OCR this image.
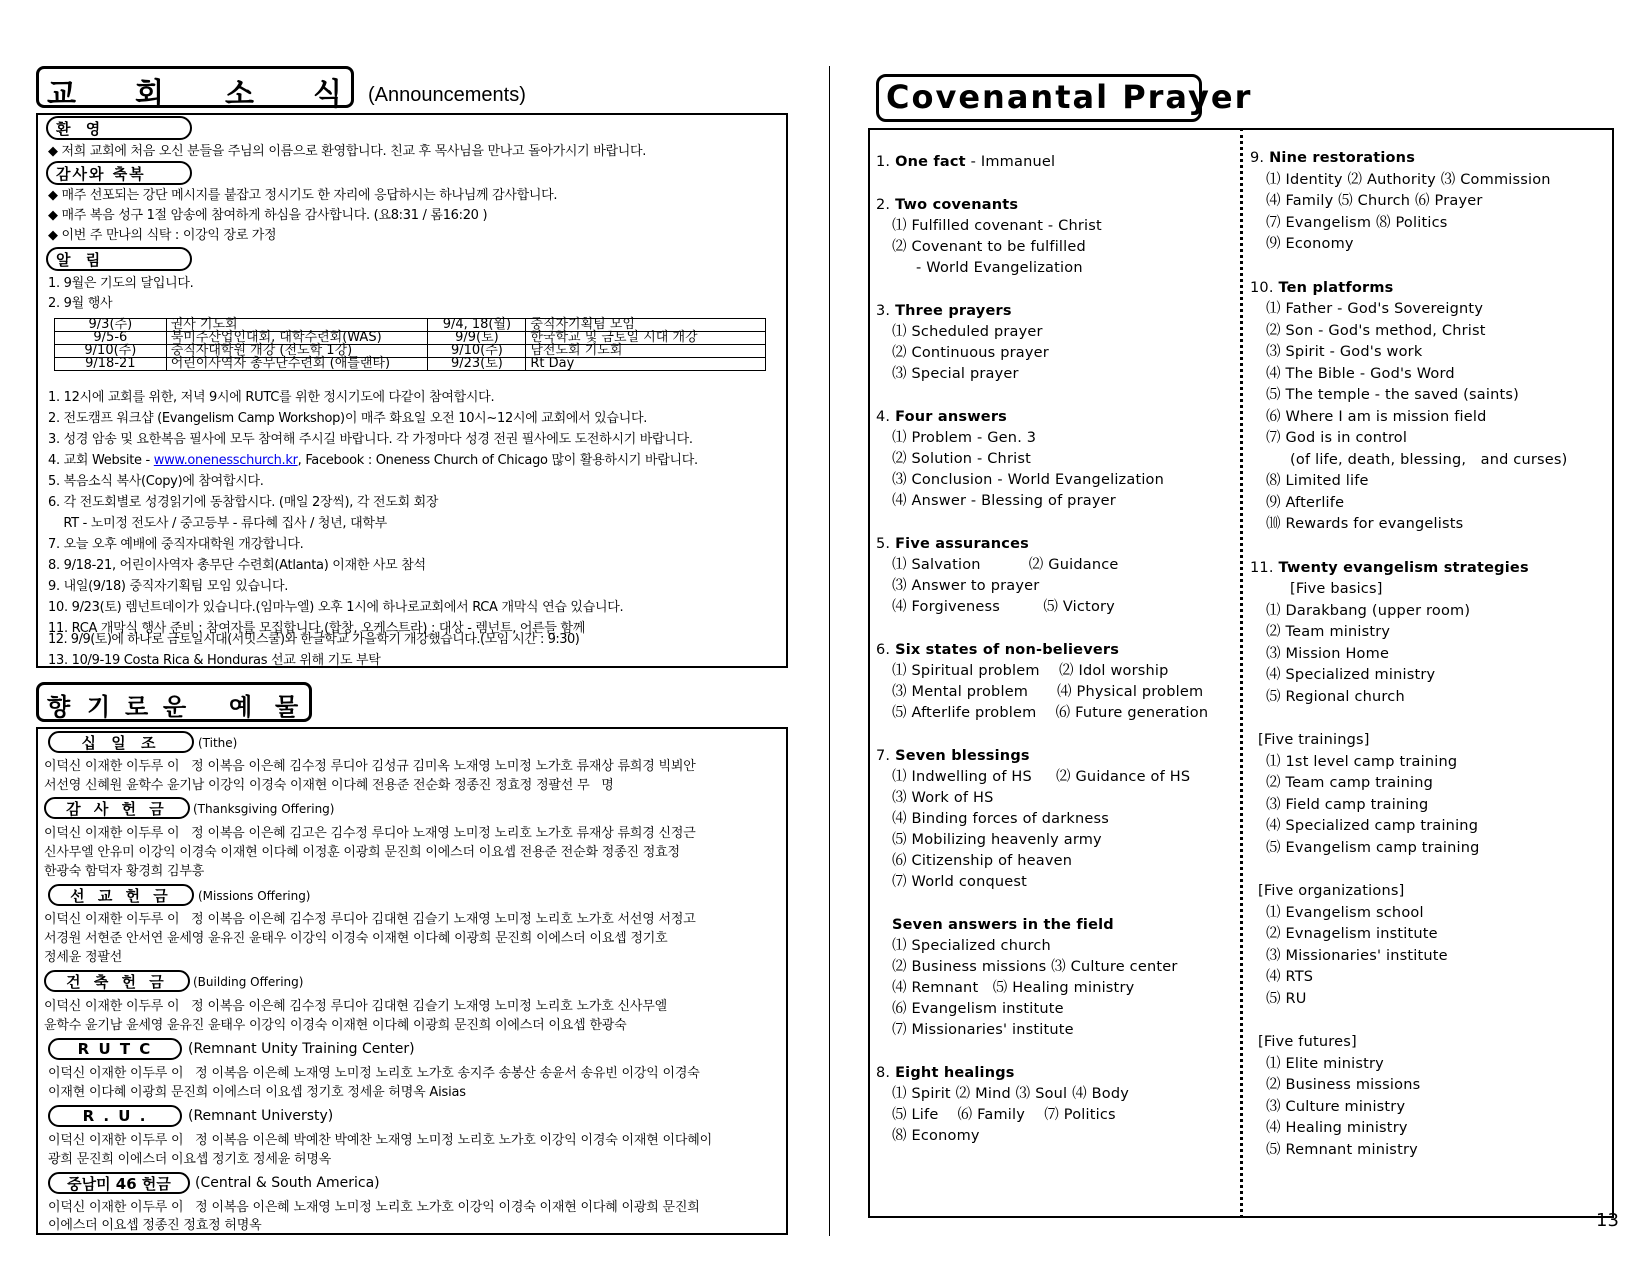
교 회 소 식 (Announcements)
환 영
◆ 저희 교회에 처음 오신 분들을 주님의 이름으로 환영합니다. 친교 후 목사님을 만나고 돌아가시기 바랍니다.
감사와 축복
◆ 매주 선포되는 강단 메시지를 붙잡고 정시기도 한 자리에 응답하시는 하나님께 감사합니다.
◆ 매주 복음 성구 1절 암송에 참여하게 하심을 감사합니다. (요8:31 / 롬16:20 )
◆ 이번 주 만나의 식탁 : 이강익 장로 가정
알 림
1. 9월은 기도의 달입니다.
2. 9월 행사
9/3(주)	권사 기도회	9/4, 18(월)	중직자기획팀 모임
9/5-6	북미주산업인대회, 대학수련회(WAS)	9/9(토)	한국학교 및 금토일 시대 개강
9/10(주)	중직자대학원 개강 (전도학 1강)	9/10(주)	남전도회 기도회
9/18-21	어린이사역자 총무단수련회 (애틀랜타)	9/23(토)	Rt Day
1. 12시에 교회를 위한, 저녁 9시에 RUTC를 위한 정시기도에 다같이 참여합시다.
2. 전도캠프 워크샵 (Evangelism Camp Workshop)이 매주 화요일 오전 10시~12시에 교회에서 있습니다.
3. 성경 암송 및 요한복음 필사에 모두 참여해 주시길 바랍니다. 각 가정마다 성경 전권 필사에도 도전하시기 바랍니다.
4. 교회 Website - www.onenesschurch.kr, Facebook : Oneness Church of Chicago 많이 활용하시기 바랍니다.
5. 복음소식 복사(Copy)에 참여합시다.
6. 각 전도회별로 성경읽기에 동참합시다. (매일 2장씩), 각 전도회 회장
RT - 노미정 전도사 / 중고등부 - 류다혜 집사 / 청년, 대학부
7. 오늘 오후 예배에 중직자대학원 개강합니다.
8. 9/18-21, 어린이사역자 총무단 수련회(Atlanta) 이재한 사모 참석
9. 내일(9/18) 중직자기획팀 모임 있습니다.
10. 9/23(토) 렘넌트데이가 있습니다.(임마누엘) 오후 1시에 하나로교회에서 RCA 개막식 연습 있습니다.
11. RCA 개막식 행사 준비 : 참여자를 모집합니다.(합창, 오케스트라) : 대상 - 렘넌트, 어른들 함께
12. 9/9(토)에 하나로 금토일시대(서밋스쿨)와 한글학교 가을학기 개강했습니다.(모임 시간 : 9:30)
13. 10/9-19 Costa Rica & Honduras 선교 위해 기도 부탁
향 기 로 운 예 물
십 일 조	(Tithe)
이덕신 이재한 이두루 이   정 이복음 이은혜 김수정 루디아 김성규 김미옥 노재영 노미정 노가호 류재상 류희경 빅뵈안
서선영 신혜원 윤학수 윤기남 이강익 이경숙 이재현 이다혜 전용준 전순화 정종진 정효정 정팔선 무   명
감 사 헌 금	(Thanksgiving Offering)
이덕신 이재한 이두루 이   정 이복음 이은혜 김고은 김수정 루디아 노재영 노미정 노리호 노가호 류재상 류희경 신정근
신사무엘 안유미 이강익 이경숙 이재현 이다혜 이정훈 이광희 문진희 이에스더 이요셉 전용준 전순화 정종진 정효정
한광숙 함덕자 황경희 김부흥
선 교 헌 금	(Missions Offering)
이덕신 이재한 이두루 이   정 이복음 이은혜 김수정 루디아 김대현 김슬기 노재영 노미정 노리호 노가호 서선영 서정고
서경원 서현준 안서연 윤세영 윤유진 윤태우 이강익 이경숙 이재현 이다혜 이광희 문진희 이에스더 이요셉 정기호
정세윤 정팔선
건 축 헌 금	(Building Offering)
이덕신 이재한 이두루 이   정 이복음 이은혜 김수정 루디아 김대현 김슬기 노재영 노미정 노리호 노가호 신사무엘
윤학수 윤기남 윤세영 윤유진 윤태우 이강익 이경숙 이재현 이다혜 이광희 문진희 이에스더 이요셉 한광숙
R U T C	(Remnant Unity Training Center)
이덕신 이재한 이두루 이   정 이복음 이은혜 노재영 노미정 노리호 노가호 송지주 송봉산 송윤서 송유빈 이강익 이경숙
이재현 이다혜 이광희 문진희 이에스더 이요셉 정기호 정세윤 허명옥 Aisias
R . U .	(Remnant Universty)
이덕신 이재한 이두루 이   정 이복음 이은혜 박예찬 박예찬 노재영 노미정 노리호 노가호 이강익 이경숙 이재현 이다혜이
광희 문진희 이에스더 이요셉 정기호 정세윤 허명옥
중남미 46 헌금	(Central & South America)
이덕신 이재한 이두루 이   정 이복음 이은혜 노재영 노미정 노리호 노가호 이강익 이경숙 이재현 이다혜 이광희 문진희
이에스더 이요셉 정종진 정효정 허명옥
Covenantal Prayer
1. One fact - Immanuel
2. Two covenants
⑴ Fulfilled covenant - Christ
⑵ Covenant to be fulfilled
- World Evangelization
3. Three prayers
⑴ Scheduled prayer
⑵ Continuous prayer
⑶ Special prayer
4. Four answers
⑴ Problem - Gen. 3
⑵ Solution - Christ
⑶ Conclusion - World Evangelization
⑷ Answer - Blessing of prayer
5. Five assurances
⑴ Salvation          ⑵ Guidance
⑶ Answer to prayer
⑷ Forgiveness         ⑸ Victory
6. Six states of non-believers
⑴ Spiritual problem    ⑵ Idol worship
⑶ Mental problem      ⑷ Physical problem
⑸ Afterlife problem    ⑹ Future generation
7. Seven blessings
⑴ Indwelling of HS     ⑵ Guidance of HS
⑶ Work of HS
⑷ Binding forces of darkness
⑸ Mobilizing heavenly army
⑹ Citizenship of heaven
⑺ World conquest
Seven answers in the field
⑴ Specialized church
⑵ Business missions ⑶ Culture center
⑷ Remnant   ⑸ Healing ministry
⑹ Evangelism institute
⑺ Missionaries' institute
8. Eight healings
⑴ Spirit ⑵ Mind ⑶ Soul ⑷ Body
⑸ Life    ⑹ Family    ⑺ Politics
⑻ Economy
9. Nine restorations
⑴ Identity ⑵ Authority ⑶ Commission
⑷ Family ⑸ Church ⑹ Prayer
⑺ Evangelism ⑻ Politics
⑼ Economy
10. Ten platforms
⑴ Father - God's Sovereignty
⑵ Son - God's method, Christ
⑶ Spirit - God's work
⑷ The Bible - God's Word
⑸ The temple - the saved (saints)
⑹ Where I am is mission field
⑺ God is in control
(of life, death, blessing,   and curses)
⑻ Limited life
⑼ Afterlife
⑽ Rewards for evangelists
11. Twenty evangelism strategies
[Five basics]
⑴ Darakbang (upper room)
⑵ Team ministry
⑶ Mission Home
⑷ Specialized ministry
⑸ Regional church
[Five trainings]
⑴ 1st level camp training
⑵ Team camp training
⑶ Field camp training
⑷ Specialized camp training
⑸ Evangelism camp training
[Five organizations]
⑴ Evangelism school
⑵ Evnagelism institute
⑶ Missionaries' institute
⑷ RTS
⑸ RU
[Five futures]
⑴ Elite ministry
⑵ Business missions
⑶ Culture ministry
⑷ Healing ministry
⑸ Remnant ministry
13
